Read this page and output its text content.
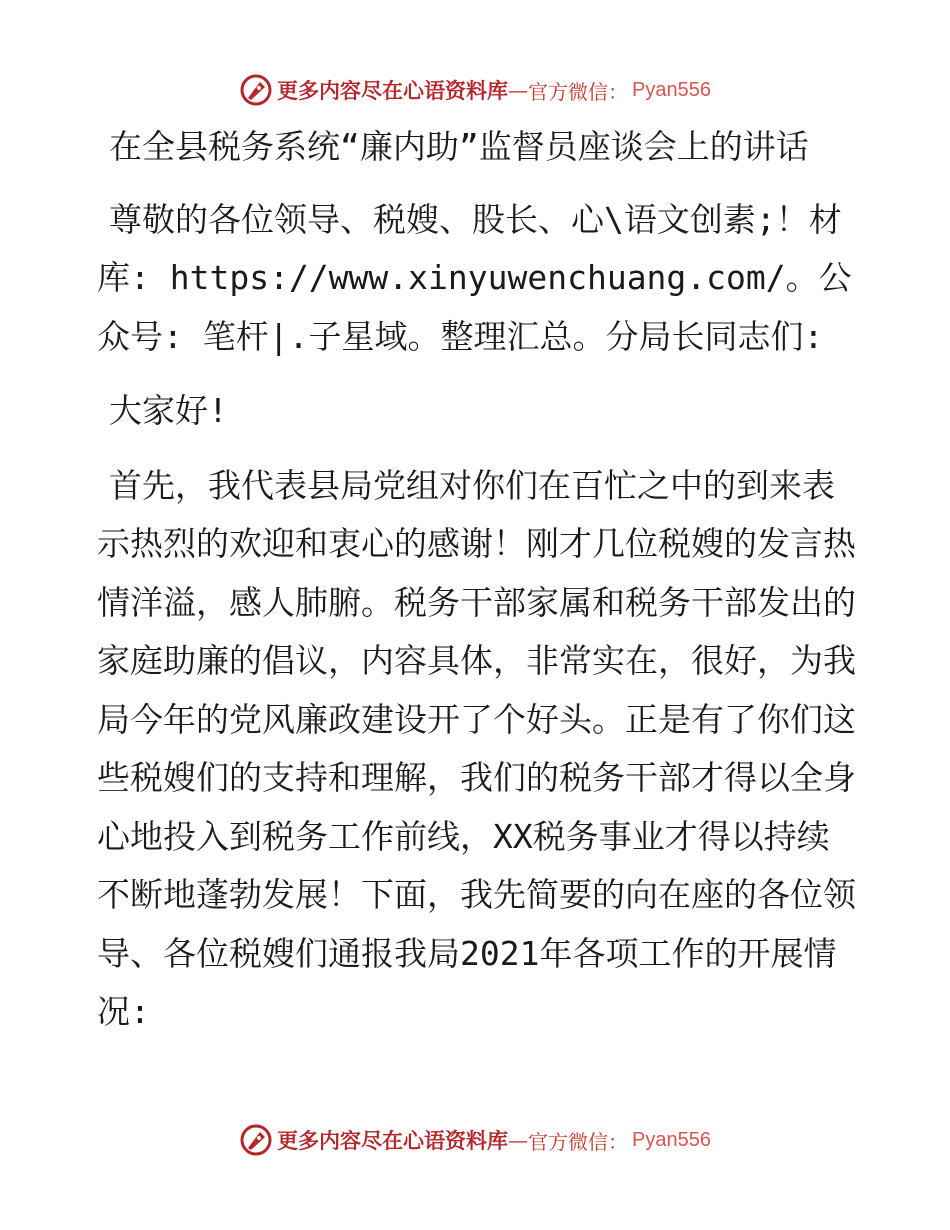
更多内容尽在心语资料库 — 官方微信： Pyan556

在全县税务系统“廉内助”监督员座谈会上的讲话

尊敬的各位领导、税嫂、股长、心\语文创素;！材库: https://www.xinyuwenchuang.com/。公众号: 笔杆|.子星域。整理汇总。分局长同志们:

大家好!

首先，我代表县局党组对你们在百忙之中的到来表示热烈的欢迎和衷心的感谢！刚才几位税嫂的发言热情洋溢，感人肺腑。税务干部家属和税务干部发出的家庭助廉的倡议，内容具体，非常实在，很好，为我局今年的党风廉政建设开了个好头。正是有了你们这些税嫂们的支持和理解，我们的税务干部才得以全身心地投入到税务工作前线，XX税务事业才得以持续不断地蓬勃发展！下面，我先简要的向在座的各位领导、各位税嫂们通报我局2021年各项工作的开展情况:

更多内容尽在心语资料库 — 官方微信： Pyan556
